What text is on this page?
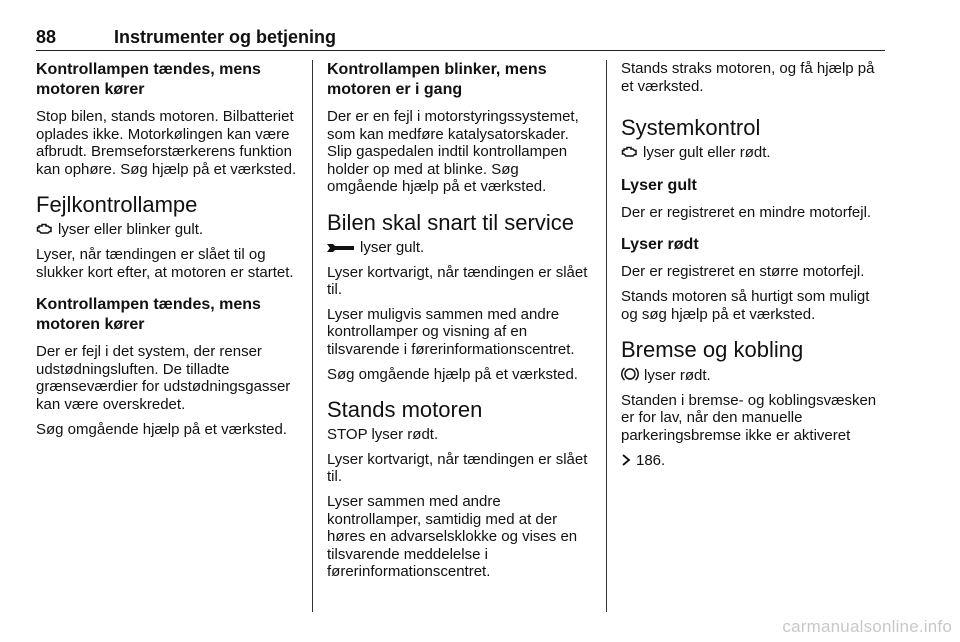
88	Instrumenter og betjening
Kontrollampen tændes, mens motoren kører

Stop bilen, stands motoren. Bilbatteriet oplades ikke. Motorkølingen kan være afbrudt. Bremseforstærkerens funktion kan ophøre. Søg hjælp på et værksted.

Fejlkontrollampe

lyser eller blinker gult.

Lyser, når tændingen er slået til og slukker kort efter, at motoren er startet.

Kontrollampen tændes, mens motoren kører

Der er fejl i det system, der renser udstødningsluften. De tilladte grænseværdier for udstødningsgasser kan være overskredet.

Søg omgående hjælp på et værksted.

Kontrollampen blinker, mens motoren er i gang

Der er en fejl i motorstyringssystemet, som kan medføre katalysatorskader. Slip gaspedalen indtil kontrollampen holder op med at blinke. Søg omgående hjælp på et værksted.

Bilen skal snart til service

lyser gult.

Lyser kortvarigt, når tændingen er slået til.

Lyser muligvis sammen med andre kontrollamper og visning af en tilsvarende i førerinformationscentret.

Søg omgående hjælp på et værksted.

Stands motoren

STOP lyser rødt.

Lyser kortvarigt, når tændingen er slået til.

Lyser sammen med andre kontrollamper, samtidig med at der høres en advarselsklokke og vises en tilsvarende meddelelse i førerinformationscentret.

Stands straks motoren, og få hjælp på et værksted.

Systemkontrol

lyser gult eller rødt.

Lyser gult

Der er registreret en mindre motorfejl.

Lyser rødt

Der er registreret en større motorfejl.

Stands motoren så hurtigt som muligt og søg hjælp på et værksted.

Bremse og kobling

lyser rødt.

Standen i bremse- og koblingsvæsken er for lav, når den manuelle parkeringsbremse ikke er aktiveret

186.

carmanualsonline.info
